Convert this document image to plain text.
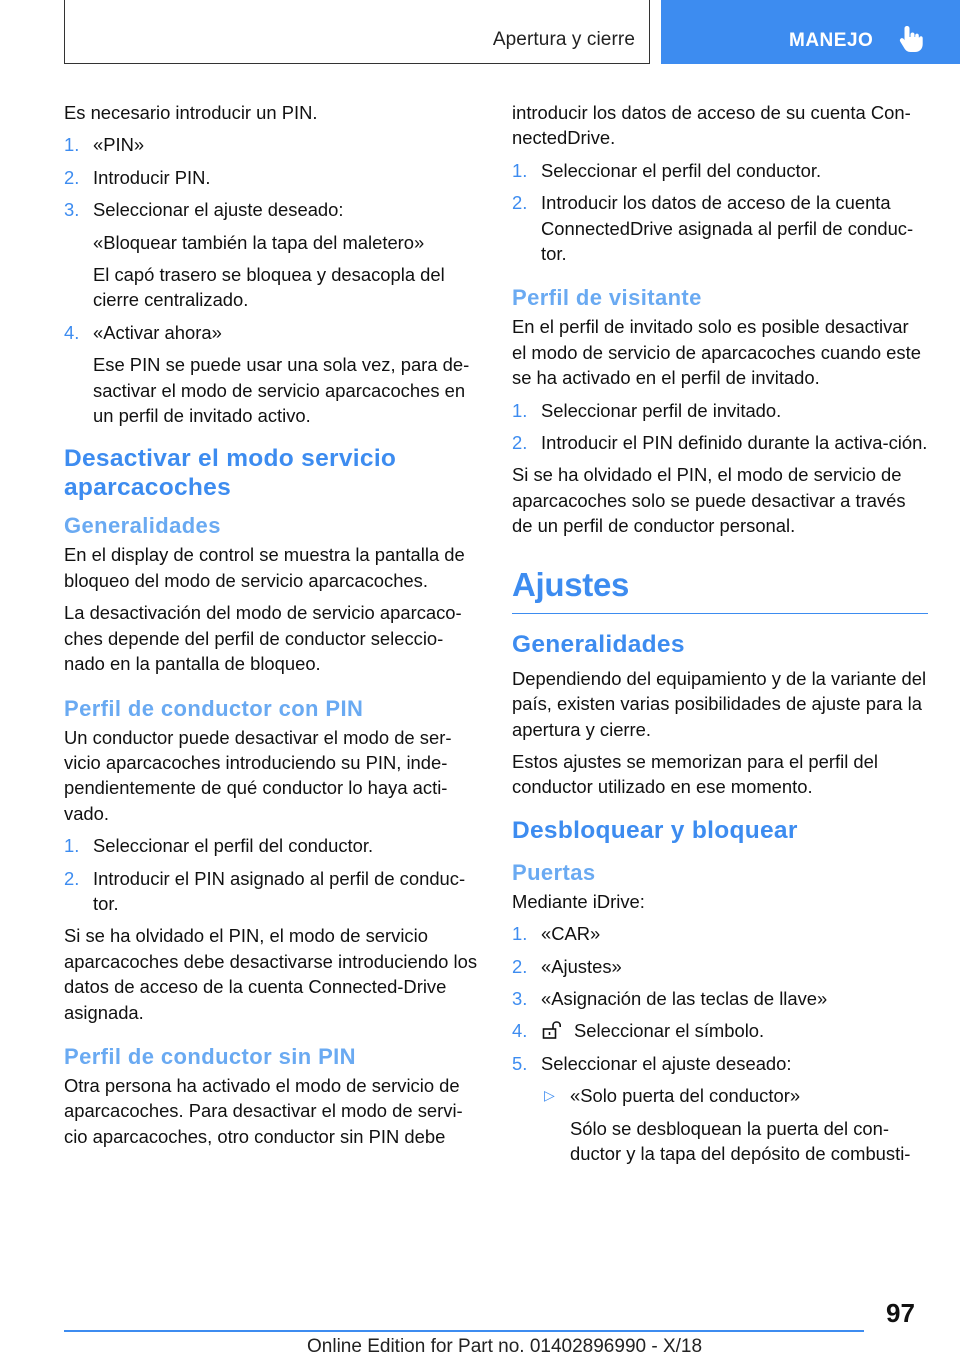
Apertura y cierre	MANEJO
Es necesario introducir un PIN.
1. «PIN»
2. Introducir PIN.
3. Seleccionar el ajuste deseado:
«Bloquear también la tapa del maletero»
El capó trasero se bloquea y desacopla del cierre centralizado.
4. «Activar ahora»
Ese PIN se puede usar una sola vez, para de‐sactivar el modo de servicio aparcacoches en un perfil de invitado activo.
Desactivar el modo servicio aparcacoches
Generalidades
En el display de control se muestra la pantalla de bloqueo del modo de servicio aparcacoches.
La desactivación del modo de servicio aparcaco‐ches depende del perfil de conductor seleccio‐nado en la pantalla de bloqueo.
Perfil de conductor con PIN
Un conductor puede desactivar el modo de ser‐vicio aparcacoches introduciendo su PIN, inde‐pendientemente de qué conductor lo haya acti‐vado.
1. Seleccionar el perfil del conductor.
2. Introducir el PIN asignado al perfil de conduc‐tor.
Si se ha olvidado el PIN, el modo de servicio aparcacoches debe desactivarse introduciendo los datos de acceso de la cuenta Connected‐Drive asignada.
Perfil de conductor sin PIN
Otra persona ha activado el modo de servicio de aparcacoches. Para desactivar el modo de servi‐cio aparcacoches, otro conductor sin PIN debe
introducir los datos de acceso de su cuenta Con‐nectedDrive.
1. Seleccionar el perfil del conductor.
2. Introducir los datos de acceso de la cuenta ConnectedDrive asignada al perfil de conduc‐tor.
Perfil de visitante
En el perfil de invitado solo es posible desactivar el modo de servicio de aparcacoches cuando este se ha activado en el perfil de invitado.
1. Seleccionar perfil de invitado.
2. Introducir el PIN definido durante la activa‐ción.
Si se ha olvidado el PIN, el modo de servicio de aparcacoches solo se puede desactivar a través de un perfil de conductor personal.
Ajustes
Generalidades
Dependiendo del equipamiento y de la variante del país, existen varias posibilidades de ajuste para la apertura y cierre.
Estos ajustes se memorizan para el perfil del conductor utilizado en ese momento.
Desbloquear y bloquear
Puertas
Mediante iDrive:
1. «CAR»
2. «Ajustes»
3. «Asignación de las teclas de llave»
4.	Seleccionar el símbolo.
5. Seleccionar el ajuste deseado:
▷ «Solo puerta del conductor»
Sólo se desbloquean la puerta del con‐ductor y la tapa del depósito de combusti‐
97
Online Edition for Part no. 01402896990 - X/18
